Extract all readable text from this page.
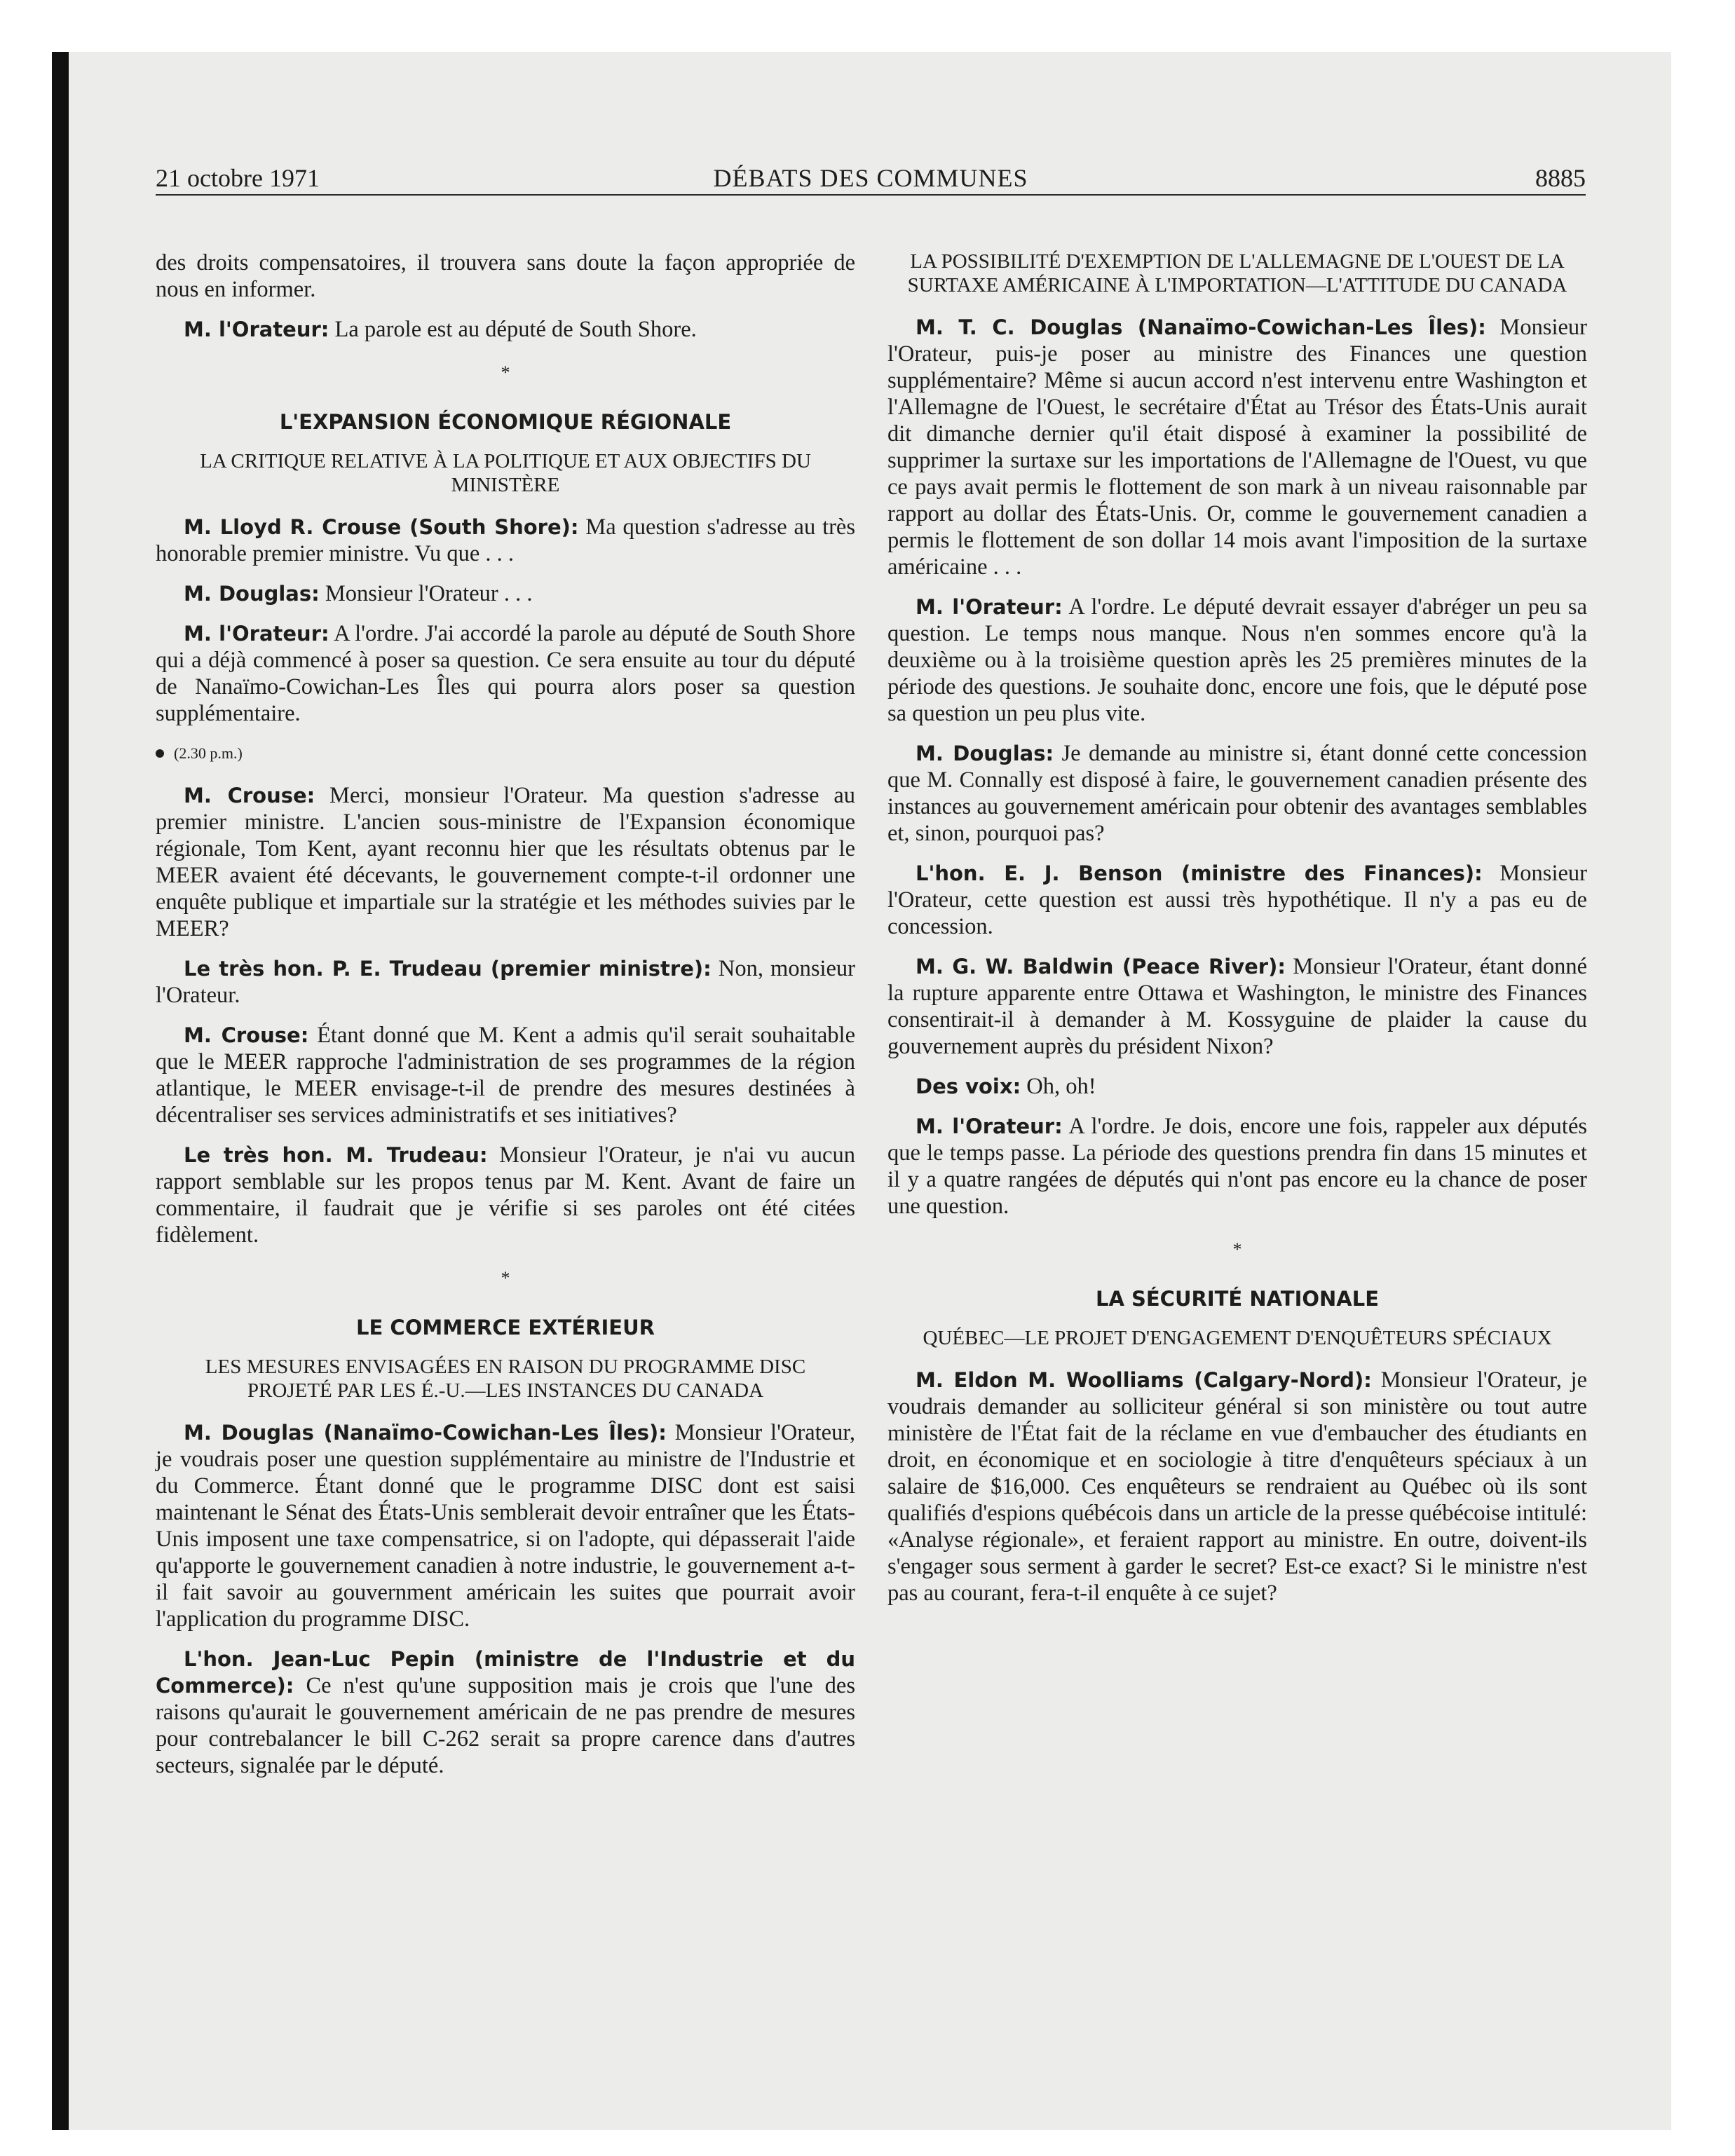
21 octobre 1971	DÉBATS DES COMMUNES	8885

des droits compensatoires, il trouvera sans doute la façon appropriée de nous en informer.

M. l'Orateur: La parole est au député de South Shore.

*
L'EXPANSION ÉCONOMIQUE RÉGIONALE
LA CRITIQUE RELATIVE À LA POLITIQUE ET AUX OBJECTIFS DU MINISTÈRE

M. Lloyd R. Crouse (South Shore): Ma question s'adresse au très honorable premier ministre. Vu que . . .

M. Douglas: Monsieur l'Orateur . . .

M. l'Orateur: A l'ordre. J'ai accordé la parole au député de South Shore qui a déjà commencé à poser sa question. Ce sera ensuite au tour du député de Nanaïmo-Cowichan-Les Îles qui pourra alors poser sa question supplémentaire.

(2.30 p.m.)

M. Crouse: Merci, monsieur l'Orateur. Ma question s'adresse au premier ministre. L'ancien sous-ministre de l'Expansion économique régionale, Tom Kent, ayant reconnu hier que les résultats obtenus par le MEER avaient été décevants, le gouvernement compte-t-il ordonner une enquête publique et impartiale sur la stratégie et les méthodes suivies par le MEER?

Le très hon. P. E. Trudeau (premier ministre): Non, monsieur l'Orateur.

M. Crouse: Étant donné que M. Kent a admis qu'il serait souhaitable que le MEER rapproche l'administration de ses programmes de la région atlantique, le MEER envisage-t-il de prendre des mesures destinées à décentraliser ses services administratifs et ses initiatives?

Le très hon. M. Trudeau: Monsieur l'Orateur, je n'ai vu aucun rapport semblable sur les propos tenus par M. Kent. Avant de faire un commentaire, il faudrait que je vérifie si ses paroles ont été citées fidèlement.

*
LE COMMERCE EXTÉRIEUR
LES MESURES ENVISAGÉES EN RAISON DU PROGRAMME DISC PROJETÉ PAR LES É.-U.—LES INSTANCES DU CANADA

M. Douglas (Nanaïmo-Cowichan-Les Îles): Monsieur l'Orateur, je voudrais poser une question supplémentaire au ministre de l'Industrie et du Commerce. Étant donné que le programme DISC dont est saisi maintenant le Sénat des États-Unis semblerait devoir entraîner que les États-Unis imposent une taxe compensatrice, si on l'adopte, qui dépasserait l'aide qu'apporte le gouvernement canadien à notre industrie, le gouvernement a-t-il fait savoir au gouvernment américain les suites que pourrait avoir l'application du programme DISC.

L'hon. Jean-Luc Pepin (ministre de l'Industrie et du Commerce): Ce n'est qu'une supposition mais je crois que l'une des raisons qu'aurait le gouvernement américain de ne pas prendre de mesures pour contrebalancer le bill C-262 serait sa propre carence dans d'autres secteurs, signalée par le député.

LA POSSIBILITÉ D'EXEMPTION DE L'ALLEMAGNE DE L'OUEST DE LA SURTAXE AMÉRICAINE À L'IMPORTATION—L'ATTITUDE DU CANADA

M. T. C. Douglas (Nanaïmo-Cowichan-Les Îles): Monsieur l'Orateur, puis-je poser au ministre des Finances une question supplémentaire? Même si aucun accord n'est intervenu entre Washington et l'Allemagne de l'Ouest, le secrétaire d'État au Trésor des États-Unis aurait dit dimanche dernier qu'il était disposé à examiner la possibilité de supprimer la surtaxe sur les importations de l'Allemagne de l'Ouest, vu que ce pays avait permis le flottement de son mark à un niveau raisonnable par rapport au dollar des États-Unis. Or, comme le gouvernement canadien a permis le flottement de son dollar 14 mois avant l'imposition de la surtaxe américaine . . .

M. l'Orateur: A l'ordre. Le député devrait essayer d'abréger un peu sa question. Le temps nous manque. Nous n'en sommes encore qu'à la deuxième ou à la troisième question après les 25 premières minutes de la période des questions. Je souhaite donc, encore une fois, que le député pose sa question un peu plus vite.

M. Douglas: Je demande au ministre si, étant donné cette concession que M. Connally est disposé à faire, le gouvernement canadien présente des instances au gouvernement américain pour obtenir des avantages semblables et, sinon, pourquoi pas?

L'hon. E. J. Benson (ministre des Finances): Monsieur l'Orateur, cette question est aussi très hypothétique. Il n'y a pas eu de concession.

M. G. W. Baldwin (Peace River): Monsieur l'Orateur, étant donné la rupture apparente entre Ottawa et Washington, le ministre des Finances consentirait-il à demander à M. Kossyguine de plaider la cause du gouvernement auprès du président Nixon?

Des voix: Oh, oh!

M. l'Orateur: A l'ordre. Je dois, encore une fois, rappeler aux députés que le temps passe. La période des questions prendra fin dans 15 minutes et il y a quatre rangées de députés qui n'ont pas encore eu la chance de poser une question.

*
LA SÉCURITÉ NATIONALE
QUÉBEC—LE PROJET D'ENGAGEMENT D'ENQUÊTEURS SPÉCIAUX

M. Eldon M. Woolliams (Calgary-Nord): Monsieur l'Orateur, je voudrais demander au solliciteur général si son ministère ou tout autre ministère de l'État fait de la réclame en vue d'embaucher des étudiants en droit, en économique et en sociologie à titre d'enquêteurs spéciaux à un salaire de $16,000. Ces enquêteurs se rendraient au Québec où ils sont qualifiés d'espions québécois dans un article de la presse québécoise intitulé: «Analyse régionale», et feraient rapport au ministre. En outre, doivent-ils s'engager sous serment à garder le secret? Est-ce exact? Si le ministre n'est pas au courant, fera-t-il enquête à ce sujet?
